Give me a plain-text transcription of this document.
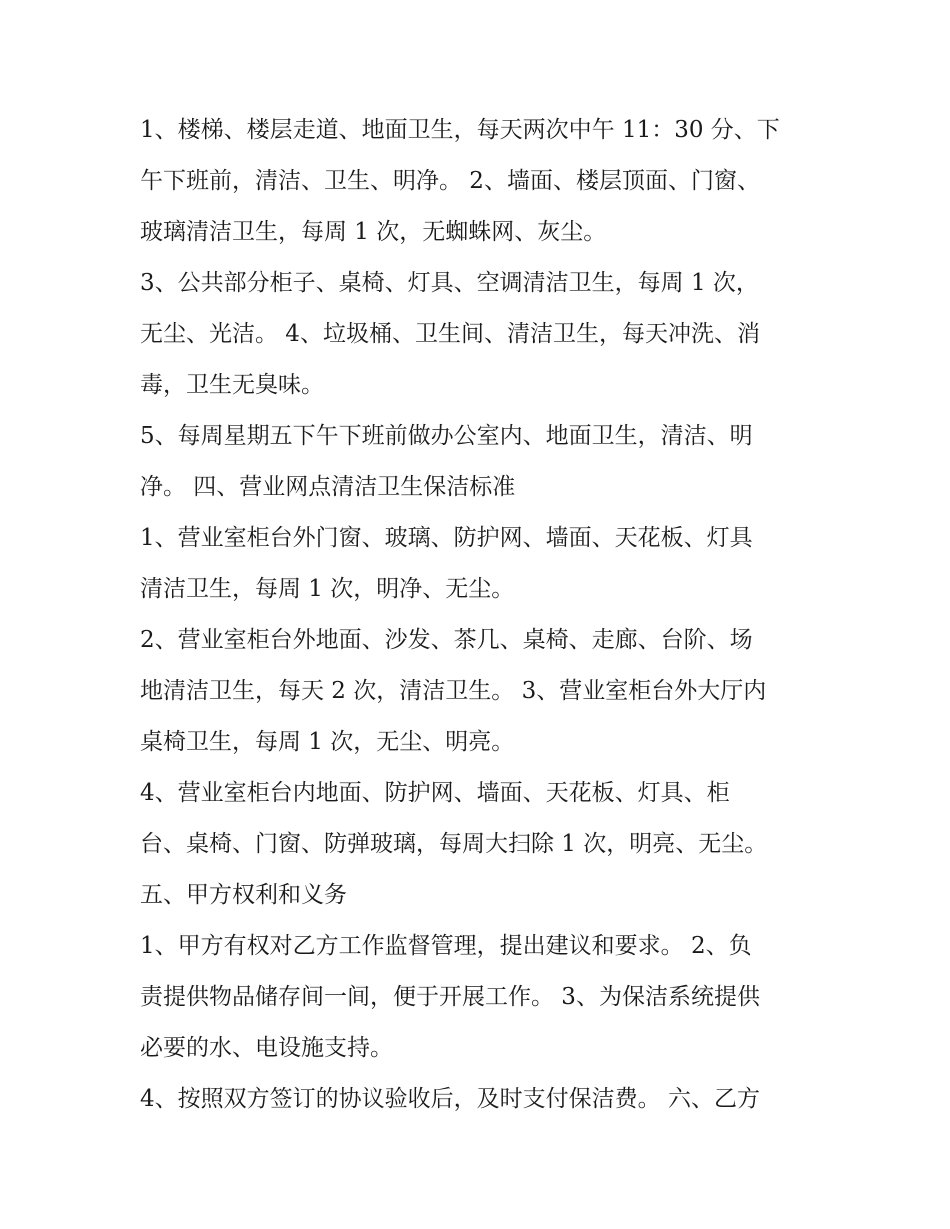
1、楼梯、楼层走道、地面卫生，每天两次中午 11：30 分、下
午下班前，清洁、卫生、明净。 2、墙面、楼层顶面、门窗、
玻璃清洁卫生，每周 1 次，无蜘蛛网、灰尘。
3、公共部分柜子、桌椅、灯具、空调清洁卫生，每周 1 次，
无尘、光洁。 4、垃圾桶、卫生间、清洁卫生，每天冲洗、消
毒，卫生无臭味。
5、每周星期五下午下班前做办公室内、地面卫生，清洁、明
净。 四、营业网点清洁卫生保洁标准
1、营业室柜台外门窗、玻璃、防护网、墙面、天花板、灯具
清洁卫生，每周 1 次，明净、无尘。
2、营业室柜台外地面、沙发、茶几、桌椅、走廊、台阶、场
地清洁卫生，每天 2 次，清洁卫生。 3、营业室柜台外大厅内
桌椅卫生，每周 1 次，无尘、明亮。
4、营业室柜台内地面、防护网、墙面、天花板、灯具、柜
台、桌椅、门窗、防弹玻璃，每周大扫除 1 次，明亮、无尘。
五、甲方权利和义务
1、甲方有权对乙方工作监督管理，提出建议和要求。 2、负
责提供物品储存间一间，便于开展工作。 3、为保洁系统提供
必要的水、电设施支持。
4、按照双方签订的协议验收后，及时支付保洁费。 六、乙方
